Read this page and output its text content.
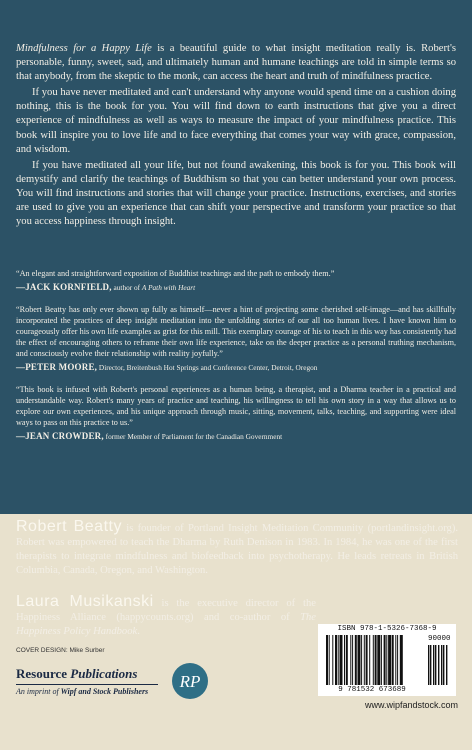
Mindfulness for a Happy Life is a beautiful guide to what insight meditation really is. Robert's personable, funny, sweet, sad, and ultimately human and humane teachings are told in simple terms so that anybody, from the skeptic to the monk, can access the heart and truth of mindfulness practice.

If you have never meditated and can't understand why anyone would spend time on a cushion doing nothing, this is the book for you. You will find down to earth instructions that give you a direct experience of mindfulness as well as ways to measure the impact of your mindfulness practice. This book will inspire you to love life and to face everything that comes your way with grace, compassion, and wisdom.

If you have meditated all your life, but not found awakening, this book is for you. This book will demystify and clarify the teachings of Buddhism so that you can better understand your own process. You will find instructions and stories that will change your practice. Instructions, exercises, and stories are used to give you an experience that can shift your perspective and transform your practice so that you access happiness through insight.

“An elegant and straightforward exposition of Buddhist teachings and the path to embody them.”
—JACK KORNFIELD, author of A Path with Heart
“Robert Beatty has only ever shown up fully as himself—never a hint of projecting some cherished self-image—and has skillfully incorporated the practices of deep insight meditation into the unfolding stories of our all too human lives. I have known him to courageously offer his own life examples as grist for this mill. This exemplary courage of his to teach in this way has consistently had the effect of encouraging others to reframe their own life experience, take on the deeper practice as a personal truthing mechanism, and consciously evolve their relationship with reality joyfully.”
—PETER MOORE, Director, Breitenbush Hot Springs and Conference Center, Detroit, Oregon
“This book is infused with Robert's personal experiences as a human being, a therapist, and a Dharma teacher in a practical and understandable way. Robert's many years of practice and teaching, his willingness to tell his own story in a way that allows us to explore our own experiences, and his unique approach through music, sitting, movement, talks, teaching, and supporting were ideal ways to pass on this practice to us.”
—JEAN CROWDER, former Member of Parliament for the Canadian Government
Robert Beatty is founder of Portland Insight Meditation Community (portlandinsight.org). Robert was empowered to teach the Dharma by Ruth Denison in 1983. In 1984, he was one of the first therapists to integrate mindfulness and biofeedback into psychotherapy. He leads retreats in British Columbia, Canada, Oregon, and Washington.
Laura Musikanski is the executive director of the Happiness Alliance (happycounts.org) and co-author of The Happiness Policy Handbook.
COVER DESIGN: Mike Surber
Resource Publications
An imprint of Wipf and Stock Publishers
RP
ISBN 978-1-5326-7368-9
90000
9 781532 673689
www.wipfandstock.com
